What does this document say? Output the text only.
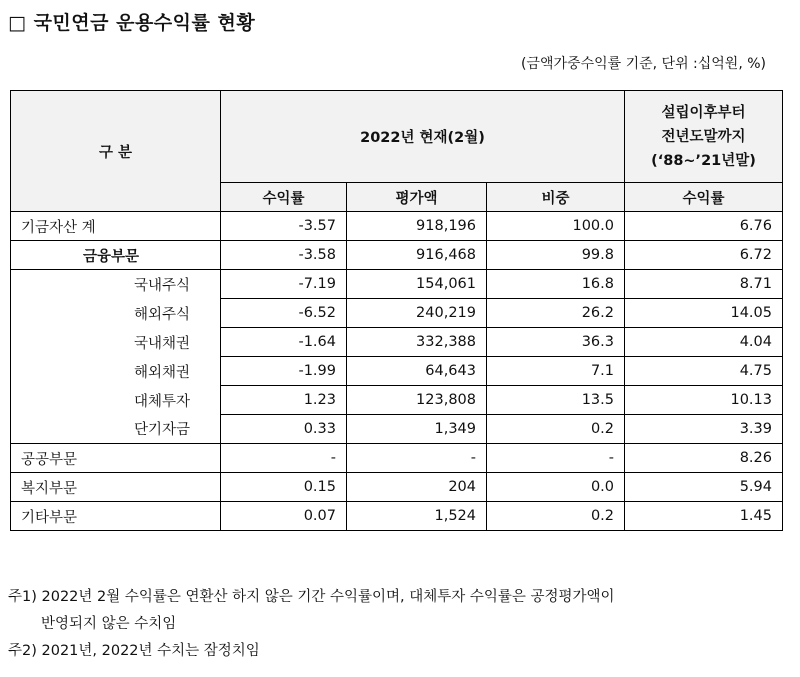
□ 국민연금 운용수익률 현황
(금액가중수익률 기준, 단위 :십억원, %)
구 분	2022년 현재(2월)			설립이후부터
전년도말까지
(‘88~’21년말)

	수익률	평가액	비중	수익률
기금자산 계	-3.57	918,196	100.0	6.76
금융부문	-3.58	916,468	99.8	6.72
국내주식	-7.19	154,061	16.8	8.71
해외주식	-6.52	240,219	26.2	14.05
국내채권	-1.64	332,388	36.3	4.04
해외채권	-1.99	64,643	7.1	4.75
대체투자	1.23	123,808	13.5	10.13
단기자금	0.33	1,349	0.2	3.39
공공부문	-	-	-	8.26
복지부문	0.15	204	0.0	5.94
기타부문	0.07	1,524	0.2	1.45
주1) 2022년 2월 수익률은 연환산 하지 않은 기간 수익률이며, 대체투자 수익률은 공정평가액이
반영되지 않은 수치임
주2) 2021년, 2022년 수치는 잠정치임
